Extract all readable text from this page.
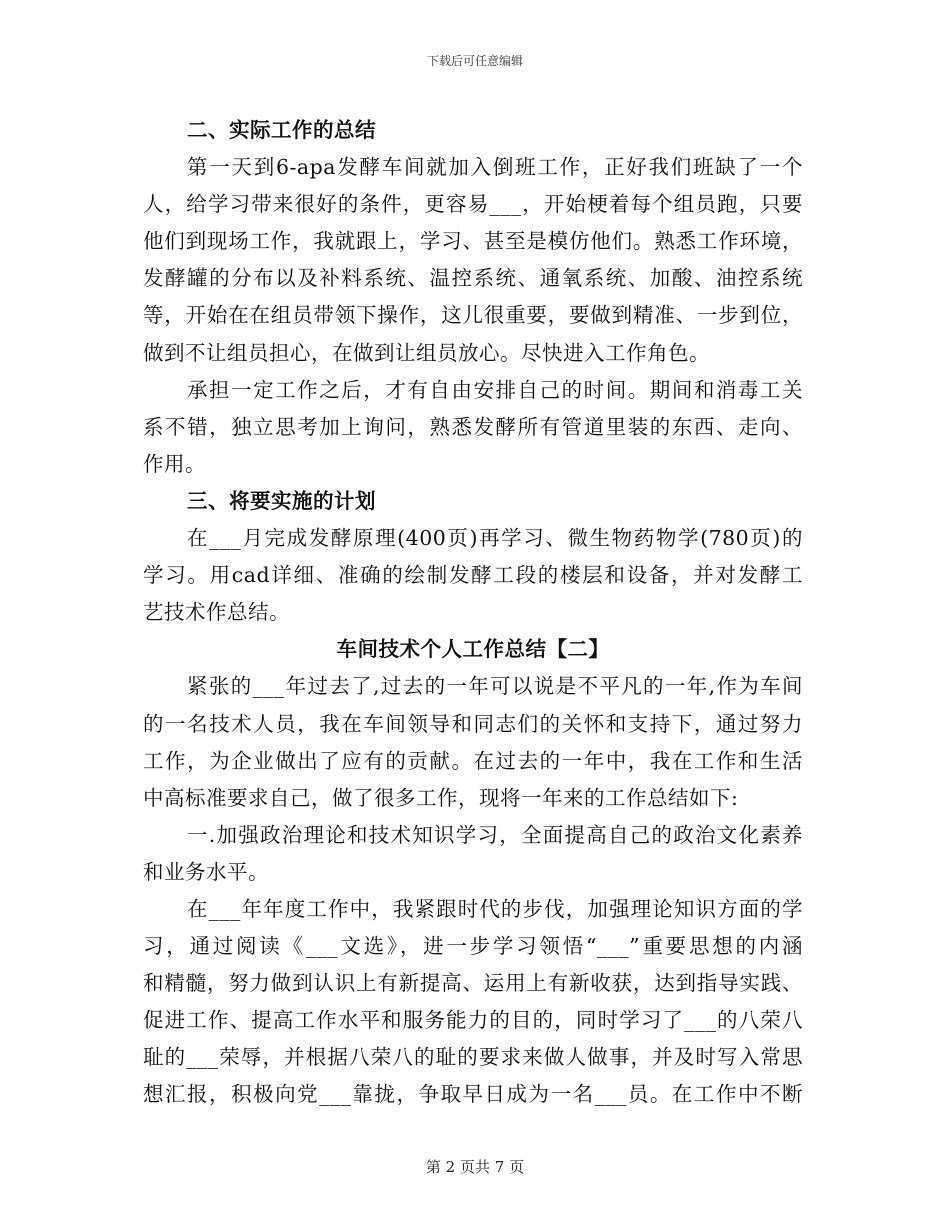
下载后可任意编辑
二、实际工作的总结
第一天到6-apa发酵车间就加入倒班工作，正好我们班缺了一个
人，给学习带来很好的条件，更容易___，开始梗着每个组员跑，只要
他们到现场工作，我就跟上，学习、甚至是模仿他们。熟悉工作环境，
发酵罐的分布以及补料系统、温控系统、通氧系统、加酸、油控系统
等，开始在在组员带领下操作，这儿很重要，要做到精准、一步到位，
做到不让组员担心，在做到让组员放心。尽快进入工作角色。
承担一定工作之后，才有自由安排自己的时间。期间和消毒工关
系不错，独立思考加上询问，熟悉发酵所有管道里装的东西、走向、
作用。
三、将要实施的计划
在___月完成发酵原理(400页)再学习、微生物药物学(780页)的
学习。用cad详细、准确的绘制发酵工段的楼层和设备，并对发酵工
艺技术作总结。
车间技术个人工作总结【二】
紧张的___年过去了,过去的一年可以说是不平凡的一年,作为车间
的一名技术人员，我在车间领导和同志们的关怀和支持下，通过努力
工作，为企业做出了应有的贡献。在过去的一年中，我在工作和生活
中高标准要求自己，做了很多工作，现将一年来的工作总结如下:
一.加强政治理论和技术知识学习，全面提高自己的政治文化素养
和业务水平。
在___年年度工作中，我紧跟时代的步伐，加强理论知识方面的学
习，通过阅读《___文选》，进一步学习领悟“___”重要思想的内涵
和精髓，努力做到认识上有新提高、运用上有新收获，达到指导实践、
促进工作、提高工作水平和服务能力的目的，同时学习了___的八荣八
耻的___荣辱，并根据八荣八的耻的要求来做人做事，并及时写入常思
想汇报，积极向党___靠拢，争取早日成为一名___员。在工作中不断
第 2 页共 7 页
